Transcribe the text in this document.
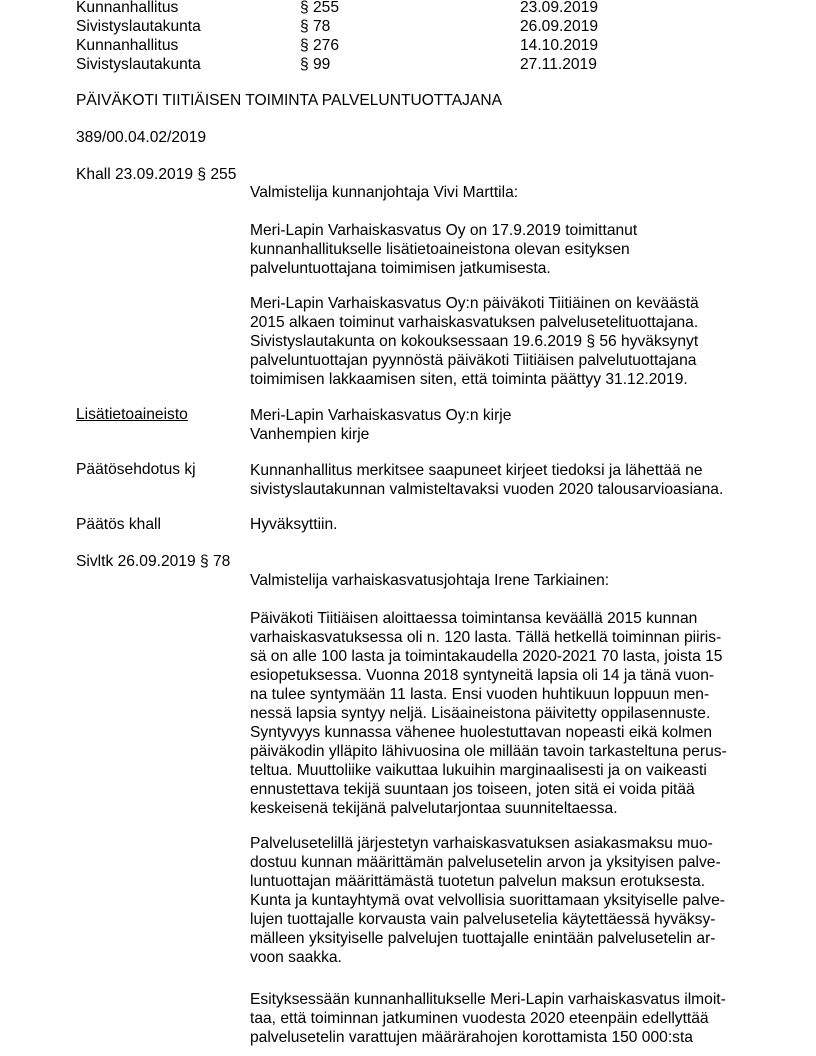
Kunnanhallitus	§ 255	23.09.2019
Sivistyslautakunta	§ 78	26.09.2019
Kunnanhallitus	§ 276	14.10.2019
Sivistyslautakunta	§ 99	27.11.2019
PÄIVÄKOTI TIITIÄISEN TOIMINTA PALVELUNTUOTTAJANA
389/00.04.02/2019
Khall 23.09.2019 § 255
Valmistelija kunnanjohtaja Vivi Marttila:
Meri-Lapin Varhaiskasvatus Oy on 17.9.2019 toimittanut
kunnanhallitukselle lisätietoaineistona olevan esityksen
palveluntuottajana toimimisen jatkumisesta.
Meri-Lapin Varhaiskasvatus Oy:n päiväkoti Tiitiäinen on keväästä
2015 alkaen toiminut varhaiskasvatuksen palvelusetelituottajana.
Sivistyslautakunta on kokouksessaan 19.6.2019 § 56 hyväksynyt
palveluntuottajan pyynnöstä päiväkoti Tiitiäisen palvelutuottajana
toimimisen lakkaamisen siten, että toiminta päättyy 31.12.2019.
Lisätietoaineisto	Meri-Lapin Varhaiskasvatus Oy:n kirje
Vanhempien kirje
Päätösehdotus kj	Kunnanhallitus merkitsee saapuneet kirjeet tiedoksi ja lähettää ne
sivistyslautakunnan valmisteltavaksi vuoden 2020 talousarvioasiana.
Päätös khall	Hyväksyttiin.
Sivltk 26.09.2019 § 78
Valmistelija varhaiskasvatusjohtaja Irene Tarkiainen:
Päiväkoti Tiitiäisen aloittaessa toimintansa keväällä 2015 kunnan
varhaiskasvatuksessa oli n. 120 lasta. Tällä hetkellä toiminnan piiris-
sä on alle 100 lasta ja toimintakaudella 2020-2021 70 lasta, joista 15
esiopetuksessa. Vuonna 2018 syntyneitä lapsia oli 14 ja tänä vuon-
na tulee syntymään 11 lasta. Ensi vuoden huhtikuun loppuun men-
nessä lapsia syntyy neljä. Lisäaineistona päivitetty oppilasennuste.
Syntyvyys kunnassa vähenee huolestuttavan nopeasti eikä kolmen
päiväkodin ylläpito lähivuosina ole millään tavoin tarkasteltuna perus-
teltua. Muuttoliike vaikuttaa lukuihin marginaalisesti ja on vaikeasti
ennustettava tekijä suuntaan jos toiseen, joten sitä ei voida pitää
keskeisenä tekijänä palvelutarjontaa suunniteltaessa.
Palvelusetelillä järjestetyn varhaiskasvatuksen asiakasmaksu muo-
dostuu kunnan määrittämän palvelusetelin arvon ja yksityisen palve-
luntuottajan määrittämästä tuotetun palvelun maksun erotuksesta.
Kunta ja kuntayhtymä ovat velvollisia suorittamaan yksityiselle palve-
lujen tuottajalle korvausta vain palvelusetelia käytettäessä hyväksy-
mälleen yksityiselle palvelujen tuottajalle enintään palvelusetelin ar-
voon saakka.
Esityksessään kunnanhallitukselle Meri-Lapin varhaiskasvatus ilmoit-
taa, että toiminnan jatkuminen vuodesta 2020 eteenpäin edellyttää
palvelusetelin varattujen määrärahojen korottamista 150 000:sta
